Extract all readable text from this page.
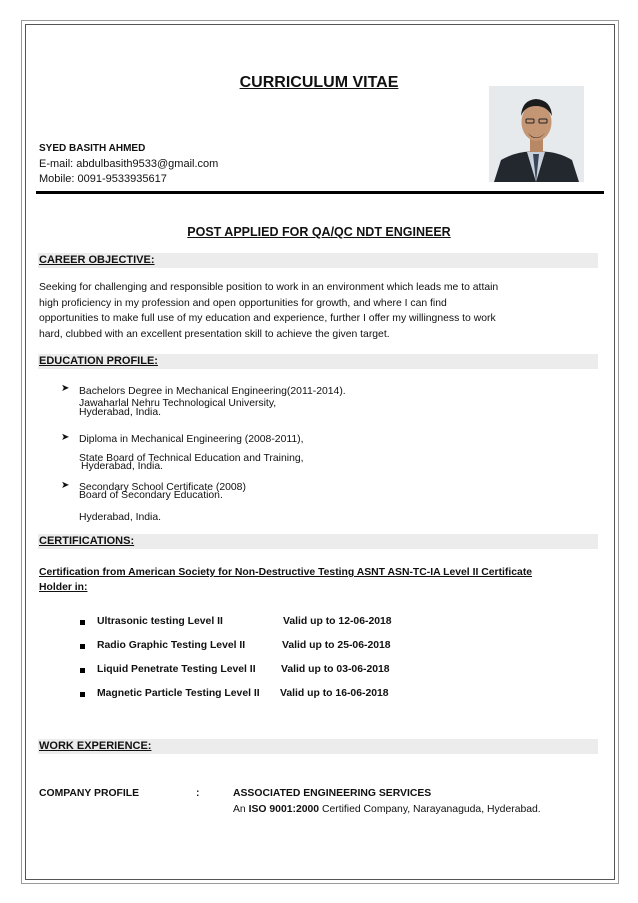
CURRICULUM VITAE
SYED BASITH AHMED
E-mail: abdulbasith9533@gmail.com
Mobile: 0091-9533935617
POST APPLIED FOR QA/QC NDT ENGINEER
CAREER OBJECTIVE:
Seeking for challenging and responsible position to work in an environment which leads me to attain
high proficiency in my profession and open opportunities for growth, and where I can find
opportunities to make full use of my education and experience, further I offer my willingness to work
hard, clubbed with an excellent presentation skill to achieve the given target.
EDUCATION PROFILE:
➤ Bachelors Degree in Mechanical Engineering(2011-2014).
Jawaharlal Nehru Technological University,
Hyderabad, India.
➤ Diploma in Mechanical Engineering (2008-2011),
State Board of Technical Education and Training,
Hyderabad, India.
➤ Secondary School Certificate (2008)
Board of Secondary Education.
Hyderabad, India.
CERTIFICATIONS:
Certification from American Society for Non-Destructive Testing ASNT ASN-TC-IA Level II Certificate Holder in:
Ultrasonic testing Level II	Valid up to 12-06-2018
Radio Graphic Testing Level II	Valid up to 25-06-2018
Liquid Penetrate Testing Level II Valid up to 03-06-2018
Magnetic Particle Testing Level II Valid up to 16-06-2018
WORK EXPERIENCE:
COMPANY PROFILE	:	ASSOCIATED ENGINEERING SERVICES
An ISO 9001:2000 Certified Company, Narayanaguda, Hyderabad.
